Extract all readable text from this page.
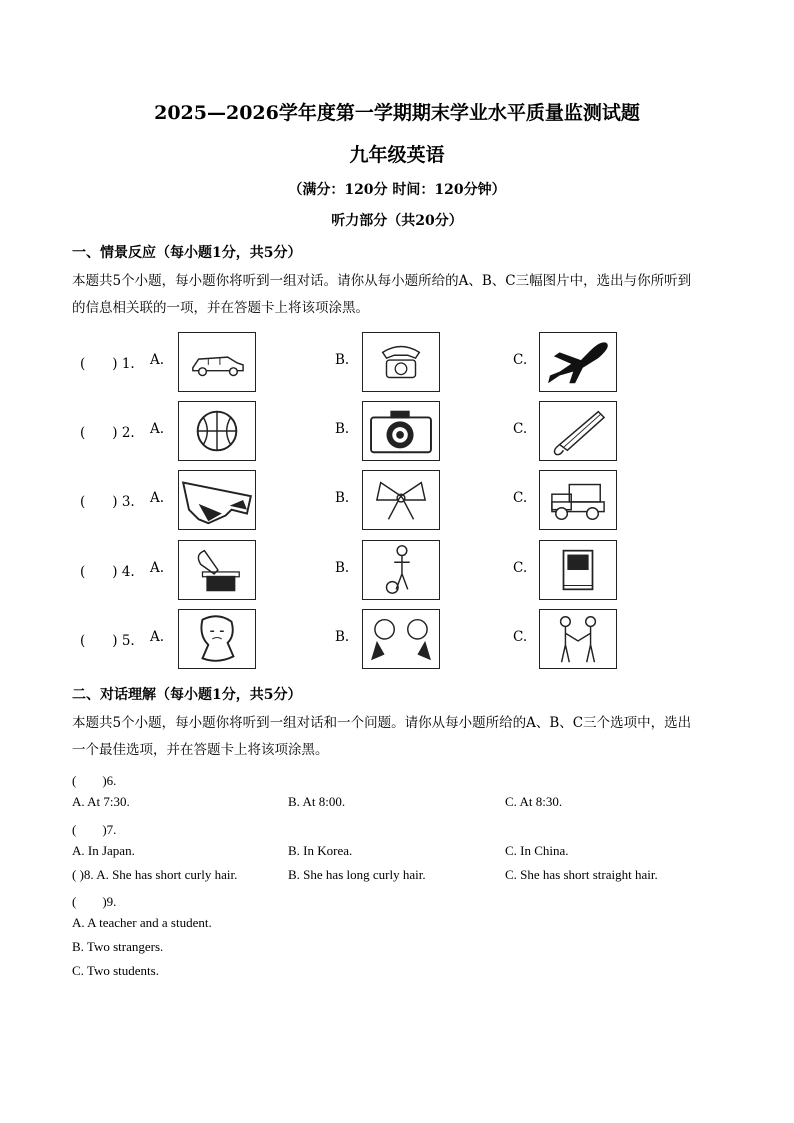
2025—2026学年度第一学期期末学业水平质量监测试题
九年级英语
（满分：120分 时间：120分钟）
听力部分（共20分）
一、情景反应（每小题1分，共5分）
本题共5个小题，每小题你将听到一组对话。请你从每小题所给的A、B、C三幅图片中，选出与你所听到
的信息相关联的一项，并在答题卡上将该项涂黑。
(　　) 1. A.	B.	C.
(　　) 2. A.	B.	C.
(　　) 3. A.	B.	C.
(　　) 4. A.	B.	C.
(　　) 5. A.	B.	C.
二、对话理解（每小题1分，共5分）
本题共5个小题，每小题你将听到一组对话和一个问题。请你从每小题所给的A、B、C三个选项中，选出
一个最佳选项，并在答题卡上将该项涂黑。
(　　)6.
A. At 7:30.	B. At 8:00.	C. At 8:30.
(　　)7.
A. In Japan.	B. In Korea.	C. In China.
( )8. A. She has short curly hair.	B. She has long curly hair.	C. She has short straight hair.
(　　)9.
A. A teacher and a student.
B. Two strangers.
C. Two students.
